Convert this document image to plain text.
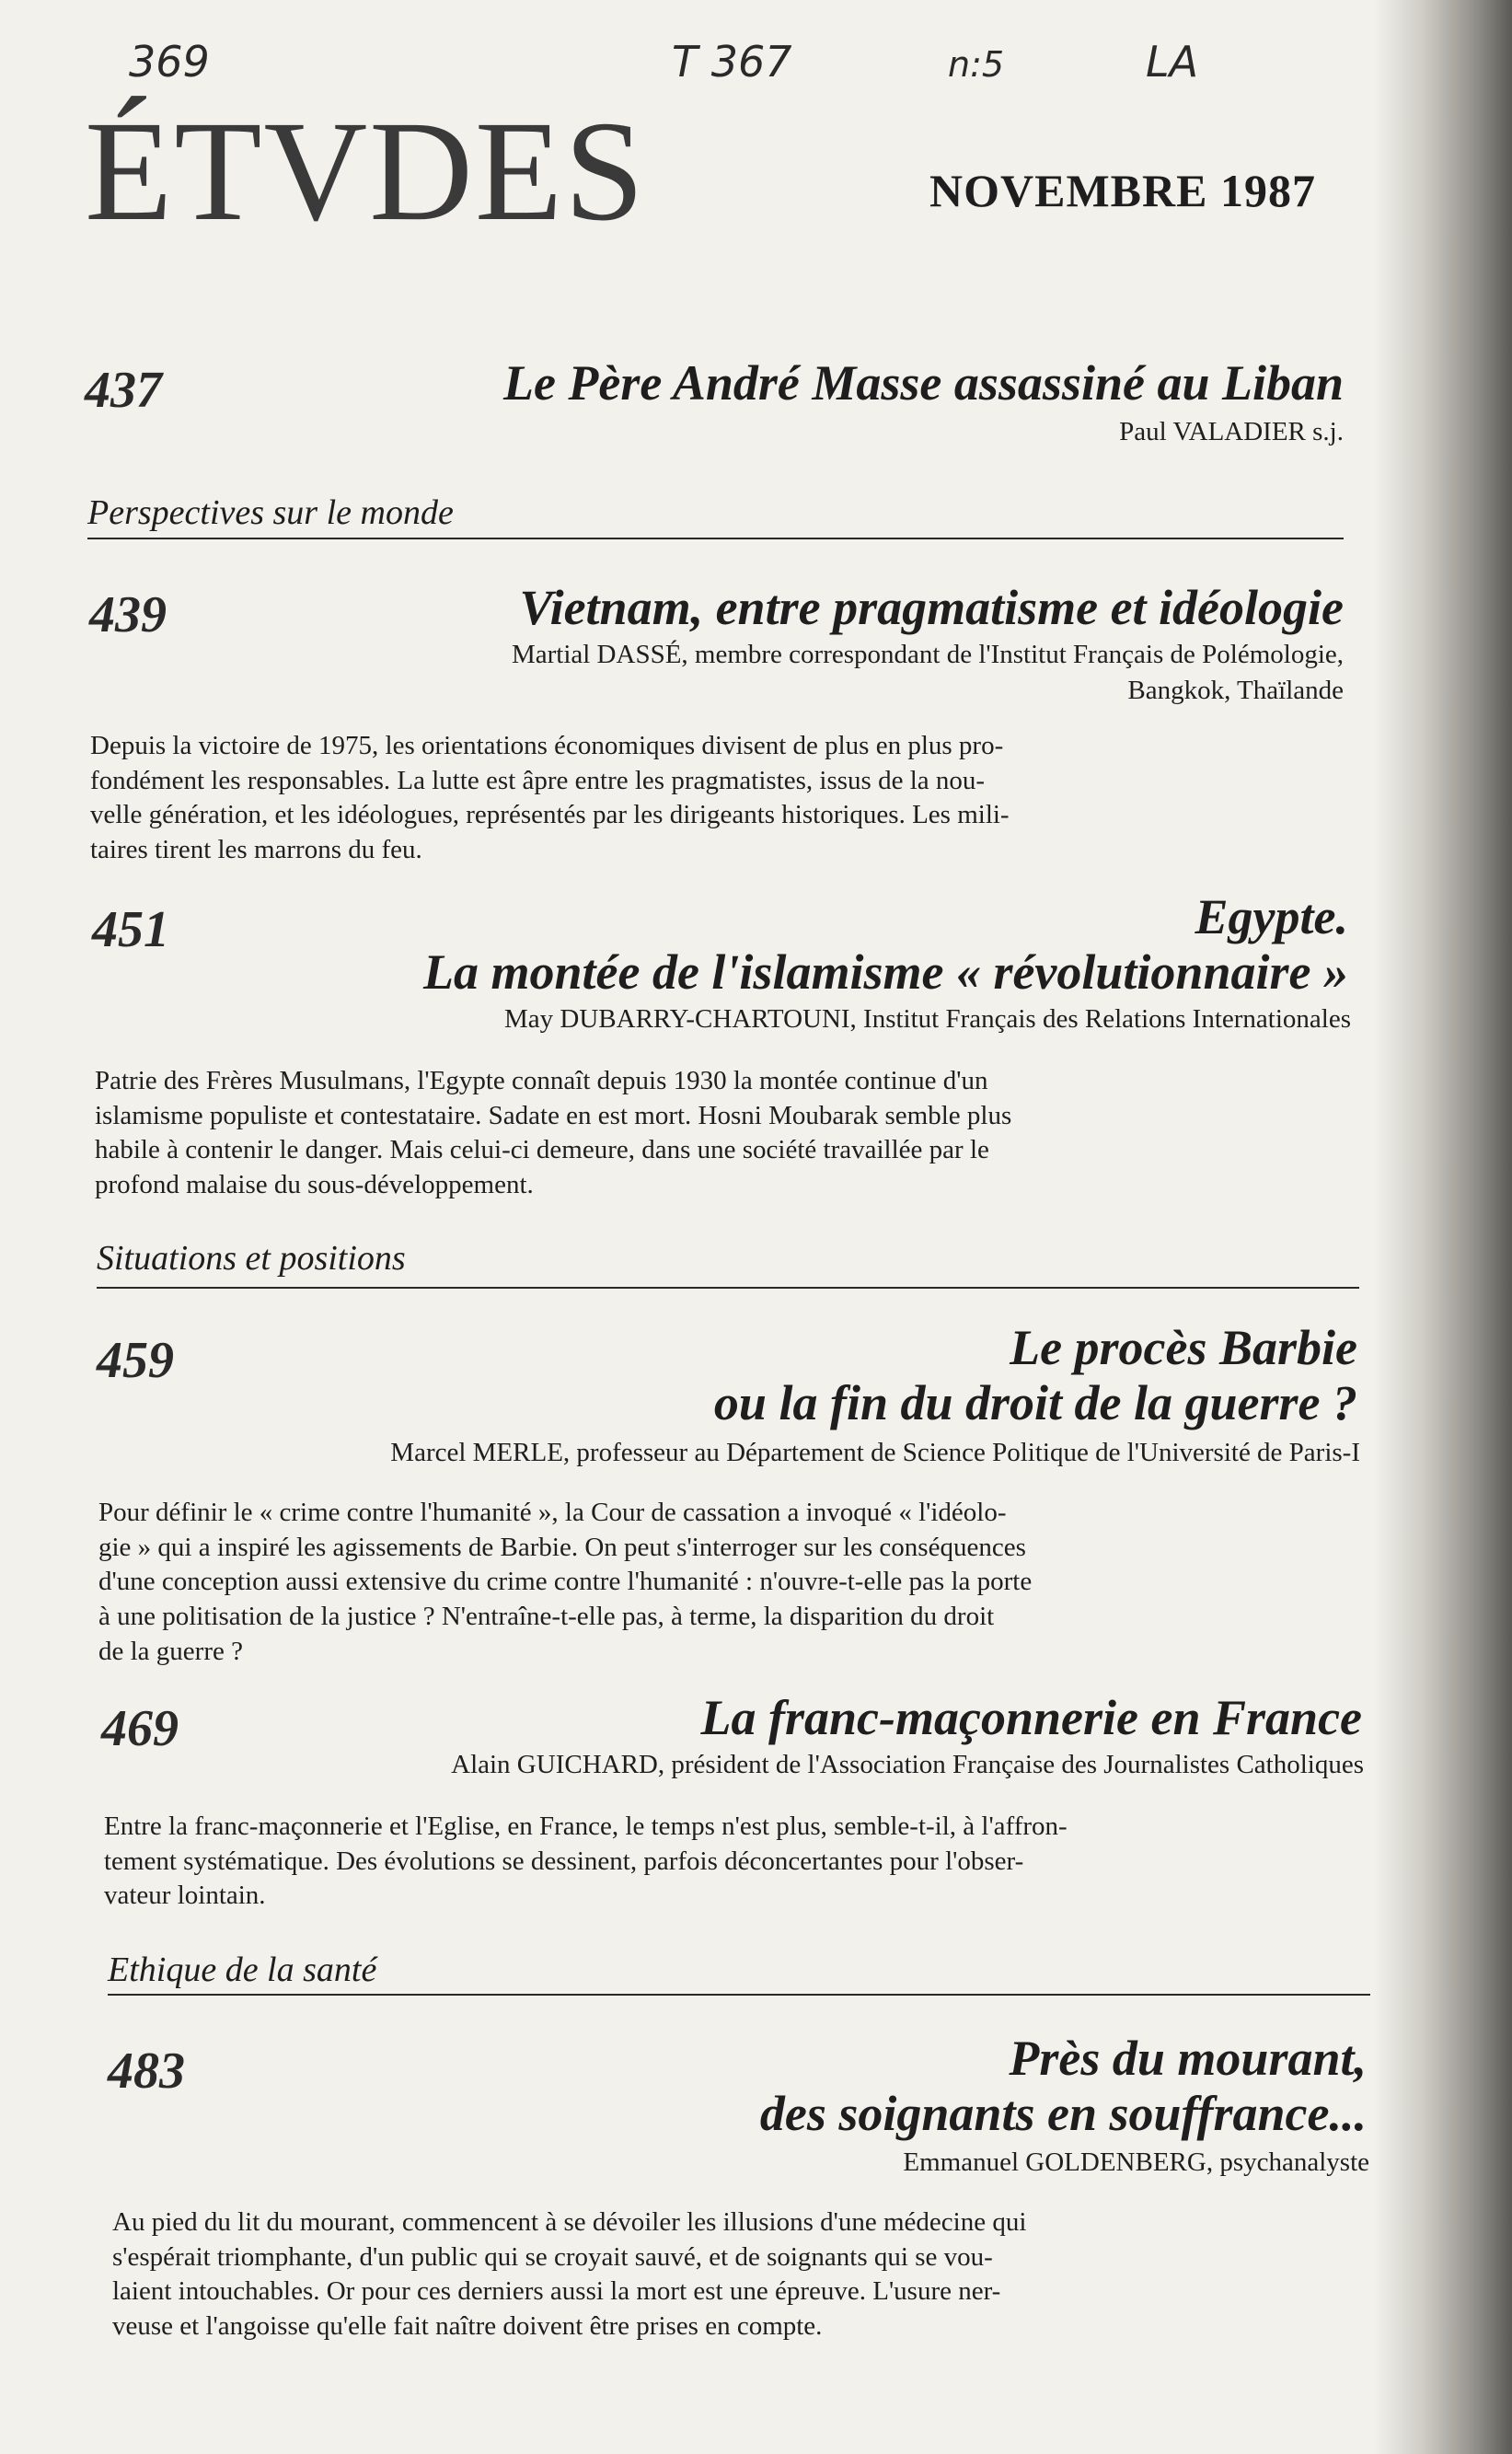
369	T 367	n:5	LA
ÉTVDES	NOVEMBRE 1987
437	Le Père André Masse assassiné au Liban
Paul VALADIER s.j.
Perspectives sur le monde
439	Vietnam, entre pragmatisme et idéologie
Martial DASSÉ, membre correspondant de l'Institut Français de Polémologie,
Bangkok, Thaïlande
Depuis la victoire de 1975, les orientations économiques divisent de plus en plus pro-
fondément les responsables. La lutte est âpre entre les pragmatistes, issus de la nou-
velle génération, et les idéologues, représentés par les dirigeants historiques. Les mili-
taires tirent les marrons du feu.
451	Egypte.
La montée de l'islamisme « révolutionnaire »
May DUBARRY-CHARTOUNI, Institut Français des Relations Internationales
Patrie des Frères Musulmans, l'Egypte connaît depuis 1930 la montée continue d'un
islamisme populiste et contestataire. Sadate en est mort. Hosni Moubarak semble plus
habile à contenir le danger. Mais celui-ci demeure, dans une société travaillée par le
profond malaise du sous-développement.
Situations et positions
459	Le procès Barbie
ou la fin du droit de la guerre ?
Marcel MERLE, professeur au Département de Science Politique de l'Université de Paris-I
Pour définir le « crime contre l'humanité », la Cour de cassation a invoqué « l'idéolo-
gie » qui a inspiré les agissements de Barbie. On peut s'interroger sur les conséquences
d'une conception aussi extensive du crime contre l'humanité : n'ouvre-t-elle pas la porte
à une politisation de la justice ? N'entraîne-t-elle pas, à terme, la disparition du droit
de la guerre ?
469	La franc-maçonnerie en France
Alain GUICHARD, président de l'Association Française des Journalistes Catholiques
Entre la franc-maçonnerie et l'Eglise, en France, le temps n'est plus, semble-t-il, à l'affron-
tement systématique. Des évolutions se dessinent, parfois déconcertantes pour l'obser-
vateur lointain.
Ethique de la santé
483	Près du mourant,
des soignants en souffrance...
Emmanuel GOLDENBERG, psychanalyste
Au pied du lit du mourant, commencent à se dévoiler les illusions d'une médecine qui
s'espérait triomphante, d'un public qui se croyait sauvé, et de soignants qui se vou-
laient intouchables. Or pour ces derniers aussi la mort est une épreuve. L'usure ner-
veuse et l'angoisse qu'elle fait naître doivent être prises en compte.
